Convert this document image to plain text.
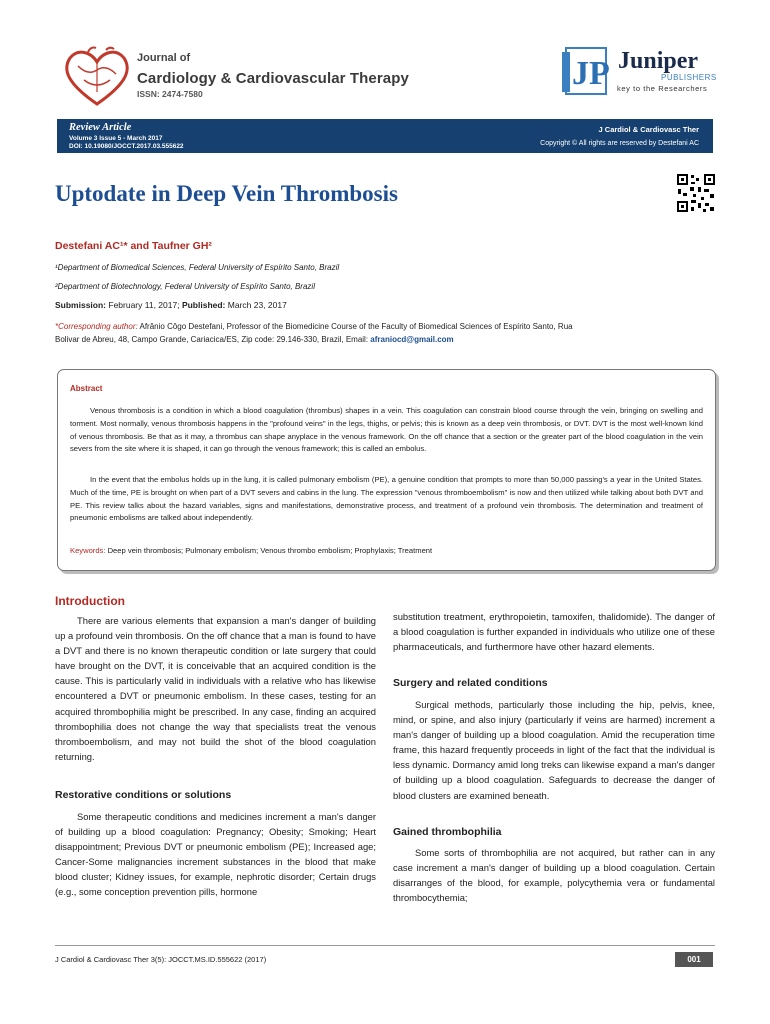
Journal of
Cardiology & Cardiovascular Therapy
ISSN: 2474-7580
JP Juniper
PUBLISHERS
key to the Researchers
Review Article
Volume 3 Issue 5 - March 2017
DOI: 10.19080/JOCCT.2017.03.555622
J Cardiol & Cardiovasc Ther
Copyright © All rights are reserved by Destefani AC
Uptodate in Deep Vein Thrombosis
Destefani AC¹* and Taufner GH²
¹Department of Biomedical Sciences, Federal University of Espírito Santo, Brazil
²Department of Biotechnology, Federal University of Espírito Santo, Brazil
Submission: February 11, 2017; Published: March 23, 2017
*Corresponding author: Afrânio Côgo Destefani, Professor of the Biomedicine Course of the Faculty of Biomedical Sciences of Espírito Santo, Rua
Bolivar de Abreu, 48, Campo Grande, Cariacica/ES, Zip code: 29.146-330, Brazil, Email: afraniocd@gmail.com
Abstract
Venous thrombosis is a condition in which a blood coagulation (thrombus) shapes in a vein. This coagulation can constrain blood course through the vein, bringing on swelling and torment. Most normally, venous thrombosis happens in the "profound veins" in the legs, thighs, or pelvis; this is known as a deep vein thrombosis, or DVT. DVT is the most well-known kind of venous thrombosis. Be that as it may, a thrombus can shape anyplace in the venous framework. On the off chance that a section or the greater part of the blood coagulation in the vein severs from the site where it is shaped, it can go through the venous framework; this is called an embolus.
In the event that the embolus holds up in the lung, it is called pulmonary embolism (PE), a genuine condition that prompts to more than 50,000 passing's a year in the United States. Much of the time, PE is brought on when part of a DVT severs and cabins in the lung. The expression "venous thromboembolism" is now and then utilized while talking about both DVT and PE. This review talks about the hazard variables, signs and manifestations, demonstrative process, and treatment of a profound vein thrombosis. The determination and treatment of pneumonic embolisms are talked about independently.
Keywords: Deep vein thrombosis; Pulmonary embolism; Venous thrombo embolism; Prophylaxis; Treatment
Introduction
There are various elements that expansion a man's danger of building up a profound vein thrombosis. On the off chance that a man is found to have a DVT and there is no known therapeutic condition or late surgery that could have brought on the DVT, it is conceivable that an acquired condition is the cause. This is particularly valid in individuals with a relative who has likewise encountered a DVT or pneumonic embolism. In these cases, testing for an acquired thrombophilia might be prescribed. In any case, finding an acquired thrombophilia does not change the way that specialists treat the venous thromboembolism, and may not build the shot of the blood coagulation returning.
Restorative conditions or solutions
Some therapeutic conditions and medicines increment a man's danger of building up a blood coagulation: Pregnancy; Obesity; Smoking; Heart disappointment; Previous DVT or pneumonic embolism (PE); Increased age; Cancer-Some malignancies increment substances in the blood that make blood cluster; Kidney issues, for example, nephrotic disorder; Certain drugs (e.g., some conception prevention pills, hormone
substitution treatment, erythropoietin, tamoxifen, thalidomide). The danger of a blood coagulation is further expanded in individuals who utilize one of these pharmaceuticals, and furthermore have other hazard elements.
Surgery and related conditions
Surgical methods, particularly those including the hip, pelvis, knee, mind, or spine, and also injury (particularly if veins are harmed) increment a man's danger of building up a blood coagulation. Amid the recuperation time frame, this hazard frequently proceeds in light of the fact that the individual is less dynamic. Dormancy amid long treks can likewise expand a man's danger of building up a blood coagulation. Safeguards to decrease the danger of blood clusters are examined beneath.
Gained thrombophilia
Some sorts of thrombophilia are not acquired, but rather can in any case increment a man's danger of building up a blood coagulation. Certain disarranges of the blood, for example, polycythemia vera or fundamental thrombocythemia;
J Cardiol & Cardiovasc Ther 3(5): JOCCT.MS.ID.555622 (2017)	001
